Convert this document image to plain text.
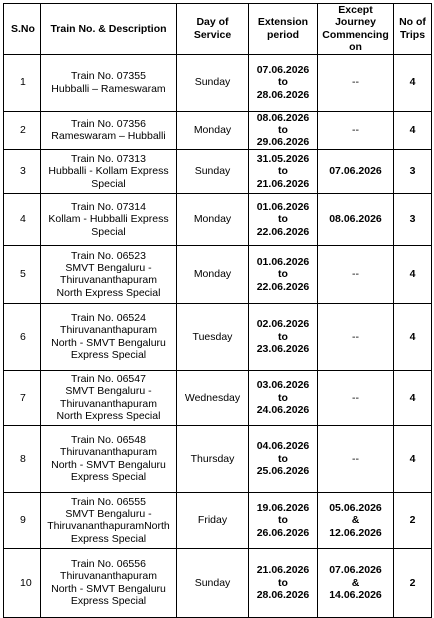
S.No	Train No. & Description	Day of Service	Extension period	Except Journey Commencing on	No of Trips
1	Train No. 07355
Hubballi – Rameswaram	Sunday	07.06.2026
to
28.06.2026	--	4
2	Train No. 07356
Rameswaram – Hubballi	Monday	08.06.2026
to
29.06.2026	--	4
3	Train No. 07313
Hubballi - Kollam Express
Special	Sunday	31.05.2026
to
21.06.2026	07.06.2026	3
4	Train No. 07314
Kollam - Hubballi Express
Special	Monday	01.06.2026
to
22.06.2026	08.06.2026	3
5	Train No. 06523
SMVT Bengaluru -
Thiruvananthapuram
North Express Special	Monday	01.06.2026
to
22.06.2026	--	4
6	Train No. 06524
Thiruvananthapuram
North - SMVT Bengaluru
Express Special	Tuesday	02.06.2026
to
23.06.2026	--	4
7	Train No. 06547
SMVT Bengaluru -
Thiruvananthapuram
North Express Special	Wednesday	03.06.2026
to
24.06.2026	--	4
8	Train No. 06548
Thiruvananthapuram
North - SMVT Bengaluru
Express Special	Thursday	04.06.2026
to
25.06.2026	--	4
9	Train No. 06555
SMVT Bengaluru -
ThiruvananthapuramNorth
Express Special	Friday	19.06.2026
to
26.06.2026	05.06.2026
&
12.06.2026	2
10	Train No. 06556
Thiruvananthapuram
North - SMVT Bengaluru
Express Special	Sunday	21.06.2026
to
28.06.2026	07.06.2026
&
14.06.2026	2
